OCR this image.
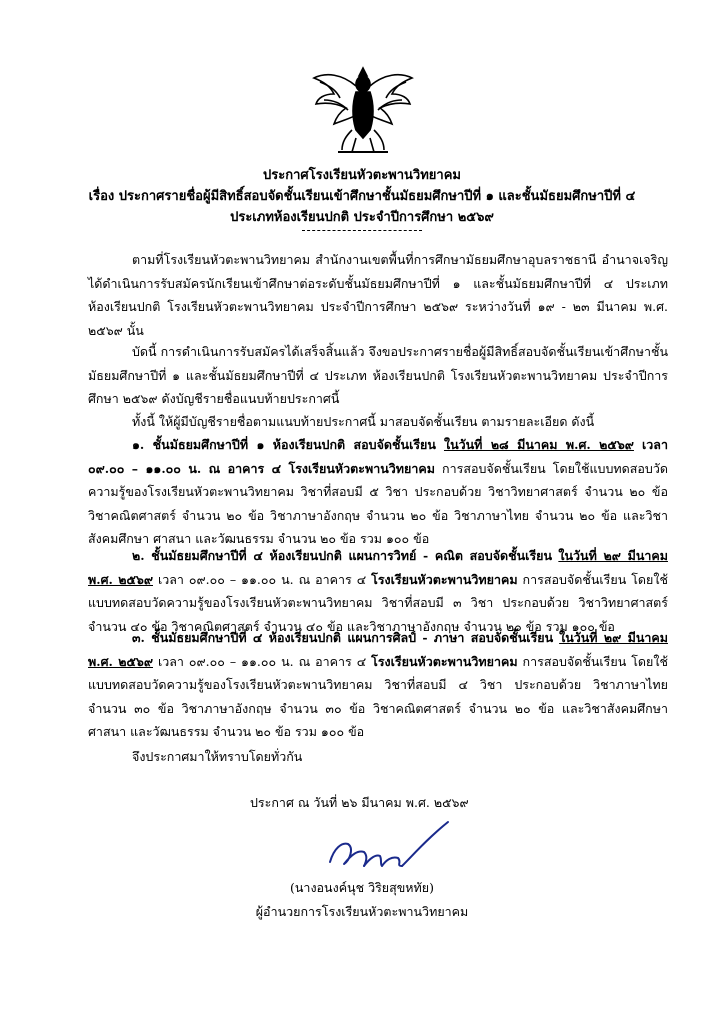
ประกาศโรงเรียนหัวตะพานวิทยาคม
เรื่อง ประกาศรายชื่อผู้มีสิทธิ์สอบจัดชั้นเรียนเข้าศึกษาชั้นมัธยมศึกษาปีที่ ๑ และชั้นมัธยมศึกษาปีที่ ๔
ประเภทห้องเรียนปกติ ประจำปีการศึกษา ๒๕๖๙
ตามที่โรงเรียนหัวตะพานวิทยาคม สำนักงานเขตพื้นที่การศึกษามัธยมศึกษาอุบลราชธานี อำนาจเจริญ ได้ดำเนินการรับสมัครนักเรียนเข้าศึกษาต่อระดับชั้นมัธยมศึกษาปีที่ ๑ และชั้นมัธยมศึกษาปีที่ ๔ ประเภท ห้องเรียนปกติ โรงเรียนหัวตะพานวิทยาคม ประจำปีการศึกษา ๒๕๖๙ ระหว่างวันที่ ๑๙ - ๒๓ มีนาคม พ.ศ. ๒๕๖๙ นั้น
บัดนี้ การดำเนินการรับสมัครได้เสร็จสิ้นแล้ว จึงขอประกาศรายชื่อผู้มีสิทธิ์สอบจัดชั้นเรียนเข้าศึกษาชั้นมัธยมศึกษาปีที่ ๑ และชั้นมัธยมศึกษาปีที่ ๔ ประเภท ห้องเรียนปกติ โรงเรียนหัวตะพานวิทยาคม ประจำปีการศึกษา ๒๕๖๙ ดังบัญชีรายชื่อแนบท้ายประกาศนี้
ทั้งนี้ ให้ผู้มีบัญชีรายชื่อตามแนบท้ายประกาศนี้ มาสอบจัดชั้นเรียน ตามรายละเอียด ดังนี้
๑. ชั้นมัธยมศึกษาปีที่ ๑ ห้องเรียนปกติ สอบจัดชั้นเรียน ในวันที่ ๒๘ มีนาคม พ.ศ. ๒๕๖๙ เวลา ๐๙.๐๐ – ๑๑.๐๐ น. ณ อาคาร ๔ โรงเรียนหัวตะพานวิทยาคม การสอบจัดชั้นเรียน โดยใช้แบบทดสอบวัดความรู้ของโรงเรียนหัวตะพานวิทยาคม วิชาที่สอบมี ๕ วิชา ประกอบด้วย วิชาวิทยาศาสตร์ จำนวน ๒๐ ข้อ วิชาคณิตศาสตร์ จำนวน ๒๐ ข้อ วิชาภาษาอังกฤษ จำนวน ๒๐ ข้อ วิชาภาษาไทย จำนวน ๒๐ ข้อ และวิชาสังคมศึกษา ศาสนา และวัฒนธรรม จำนวน ๒๐ ข้อ รวม ๑๐๐ ข้อ
๒. ชั้นมัธยมศึกษาปีที่ ๔ ห้องเรียนปกติ แผนการวิทย์ - คณิต สอบจัดชั้นเรียน ในวันที่ ๒๙ มีนาคม พ.ศ. ๒๕๖๙ เวลา ๐๙.๐๐ – ๑๑.๐๐ น. ณ อาคาร ๔ โรงเรียนหัวตะพานวิทยาคม การสอบจัดชั้นเรียน โดยใช้แบบทดสอบวัดความรู้ของโรงเรียนหัวตะพานวิทยาคม วิชาที่สอบมี ๓ วิชา ประกอบด้วย วิชาวิทยาศาสตร์ จำนวน ๔๐ ข้อ วิชาคณิตศาสตร์ จำนวน ๔๐ ข้อ และวิชาภาษาอังกฤษ จำนวน ๒๐ ข้อ รวม ๑๐๐ ข้อ
๓. ชั้นมัธยมศึกษาปีที่ ๔ ห้องเรียนปกติ แผนการศิลป์ - ภาษา สอบจัดชั้นเรียน ในวันที่ ๒๙ มีนาคม พ.ศ. ๒๕๖๙ เวลา ๐๙.๐๐ – ๑๑.๐๐ น. ณ อาคาร ๔ โรงเรียนหัวตะพานวิทยาคม การสอบจัดชั้นเรียน โดยใช้แบบทดสอบวัดความรู้ของโรงเรียนหัวตะพานวิทยาคม วิชาที่สอบมี ๔ วิชา ประกอบด้วย วิชาภาษาไทย จำนวน ๓๐ ข้อ วิชาภาษาอังกฤษ จำนวน ๓๐ ข้อ วิชาคณิตศาสตร์ จำนวน ๒๐ ข้อ และวิชาสังคมศึกษา ศาสนา และวัฒนธรรม จำนวน ๒๐ ข้อ รวม ๑๐๐ ข้อ
จึงประกาศมาให้ทราบโดยทั่วกัน
ประกาศ ณ วันที่ ๒๖ มีนาคม พ.ศ. ๒๕๖๙
(นางอนงค์นุช วิริยสุขหทัย)
ผู้อำนวยการโรงเรียนหัวตะพานวิทยาคม
